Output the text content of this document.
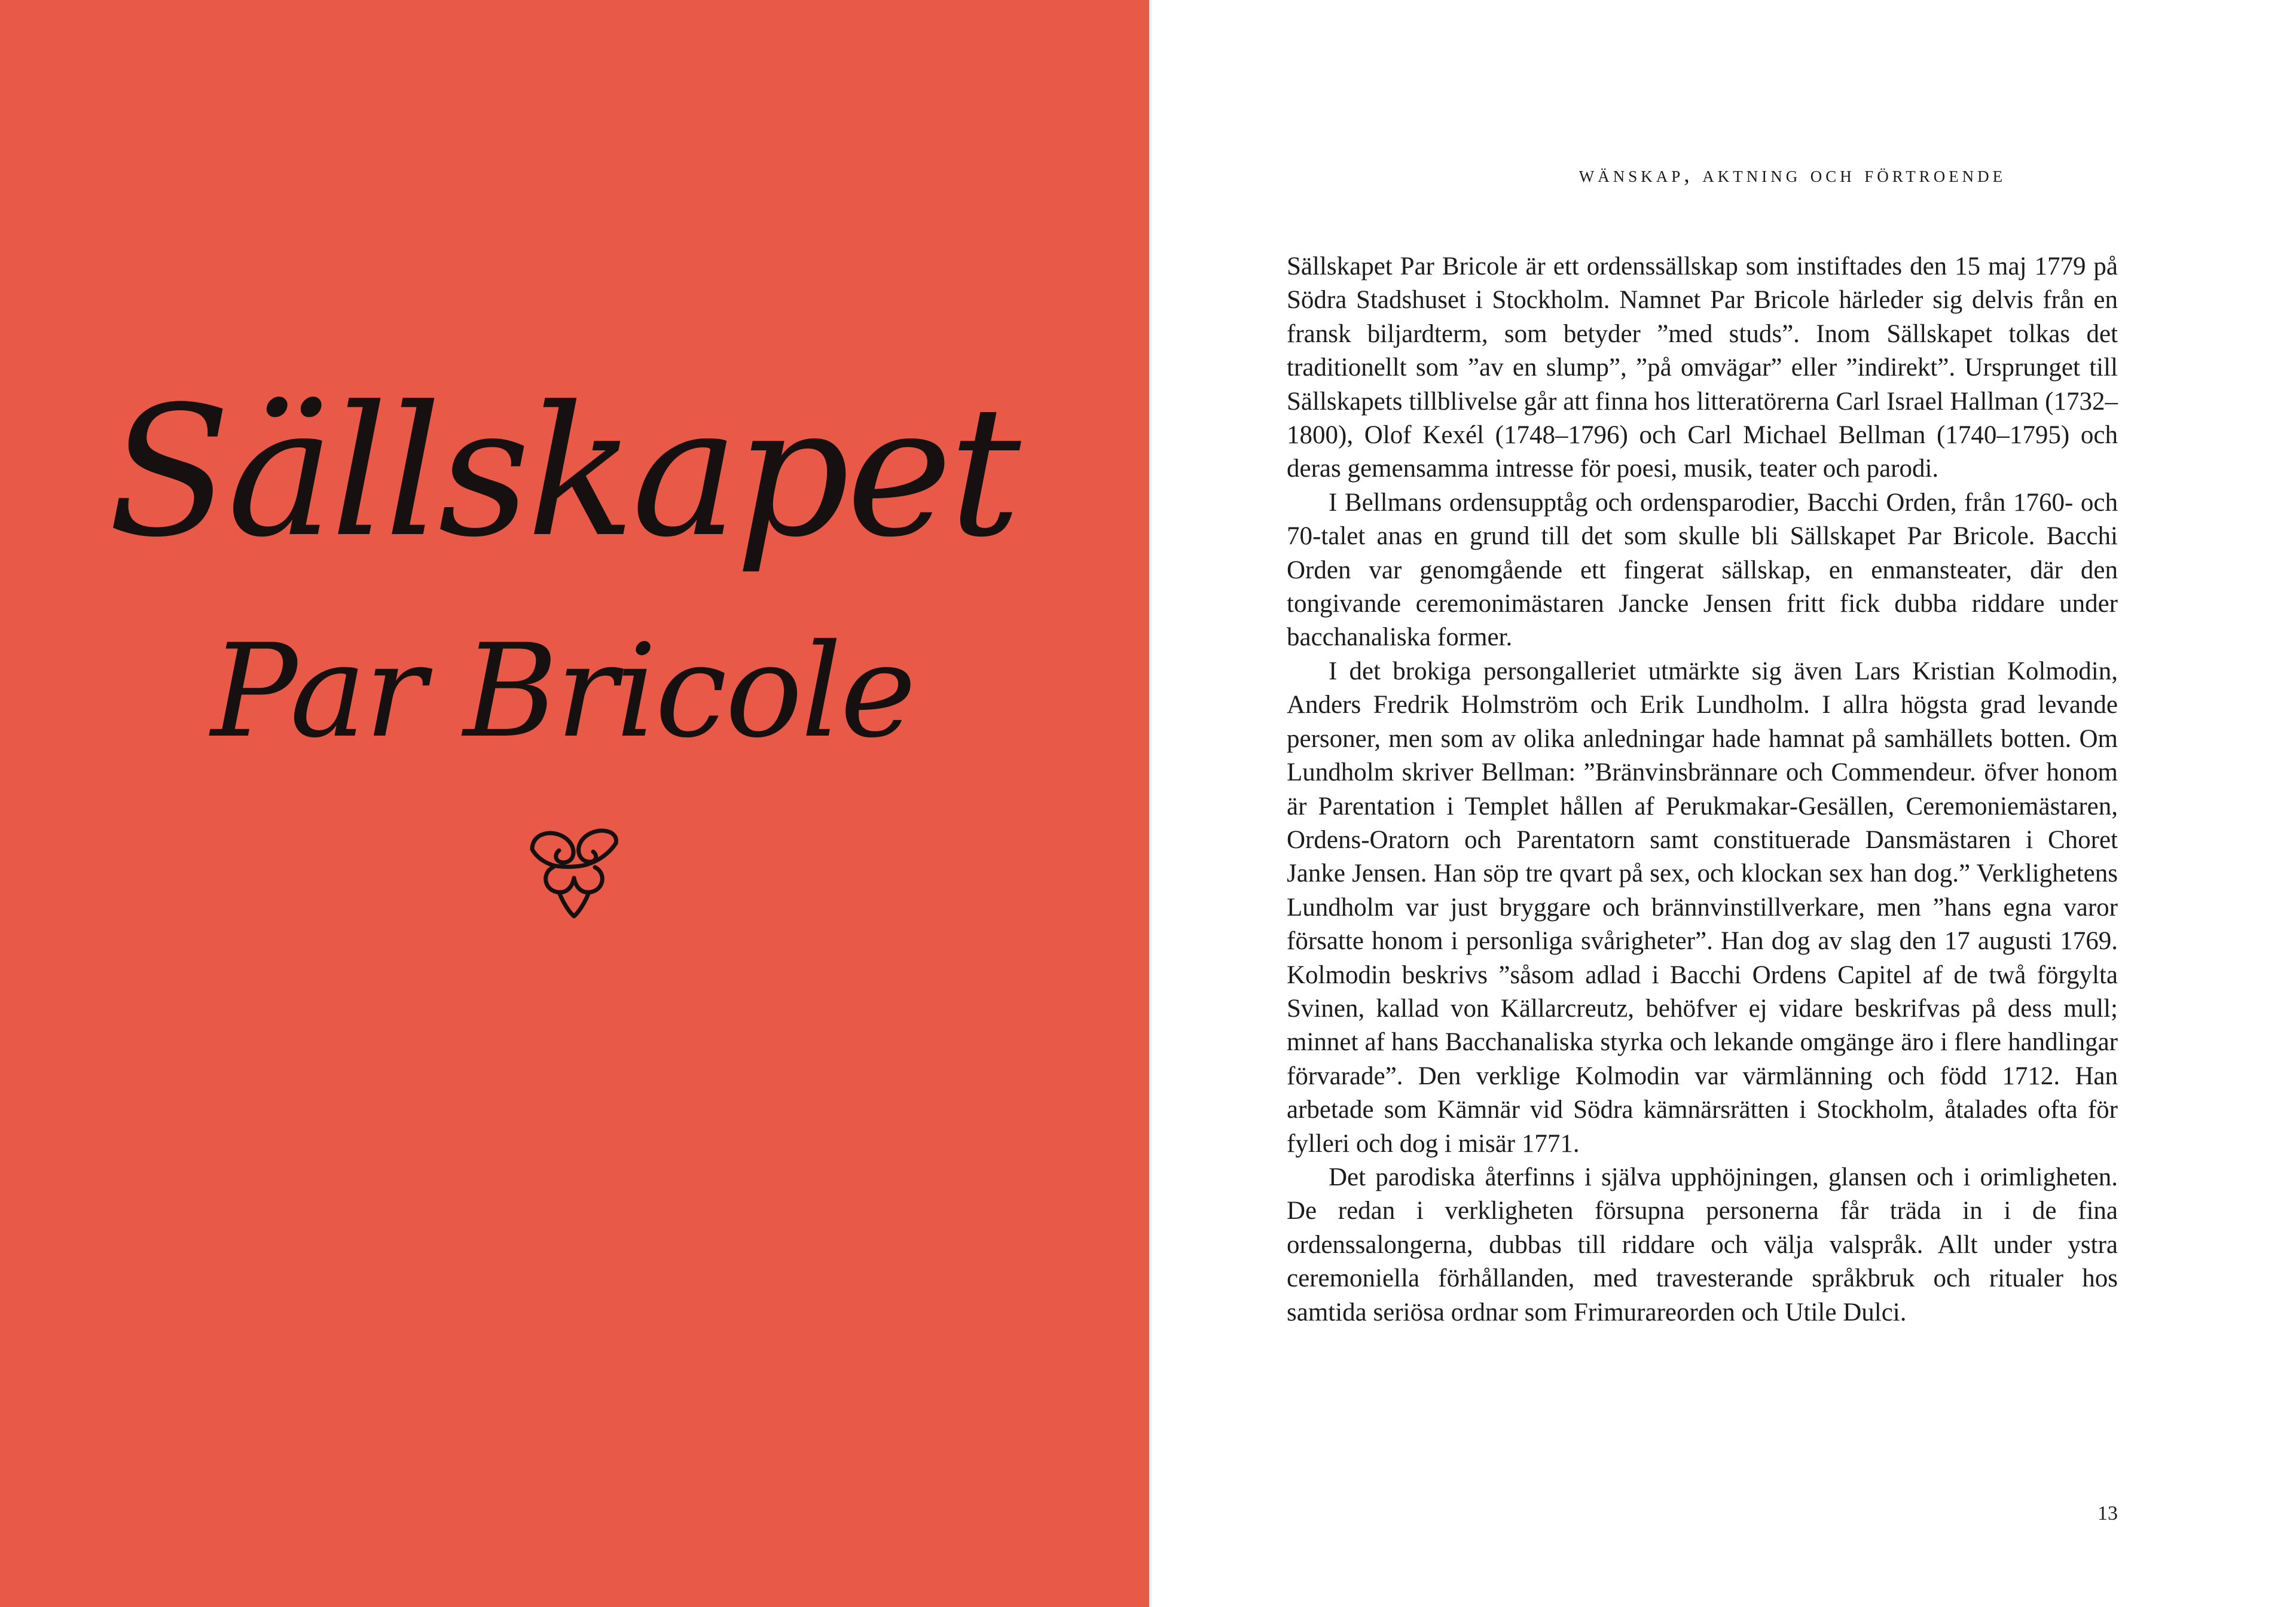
Sällskapet
Par Bricole
wänskap, aktning och förtroende

Sällskapet Par Bricole är ett ordenssällskap som instiftades den 15 maj 1779 på Södra Stadshuset i Stockholm. Namnet Par Bricole härleder sig delvis från en fransk biljardterm, som betyder ”med studs”. Inom Sällskapet tolkas det traditionellt som ”av en slump”, ”på omvägar” eller ”indirekt”. Ursprunget till Sällskapets tillblivelse går att finna hos litteratörerna Carl Israel Hallman (1732–1800), Olof Kexél (1748–1796) och Carl Michael Bellman (1740–1795) och deras gemensamma intresse för poesi, musik, teater och parodi.

I Bellmans ordensupptåg och ordensparodier, Bacchi Orden, från 1760- och 70-talet anas en grund till det som skulle bli Sällskapet Par Bricole. Bacchi Orden var genomgående ett fingerat sällskap, en enmansteater, där den tongivande ceremonimästaren Jancke Jensen fritt fick dubba riddare under bacchanaliska former.

I det brokiga persongalleriet utmärkte sig även Lars Kristian Kolmodin, Anders Fredrik Holmström och Erik Lundholm. I allra högsta grad levande personer, men som av olika anledningar hade hamnat på samhällets botten. Om Lundholm skriver Bellman: ”Bränvinsbrännare och Commendeur. öfver honom är Parentation i Templet hållen af Perukmakar-Gesällen, Ceremoniemästaren, Ordens-Oratorn och Parentatorn samt constituerade Dansmästaren i Choret Janke Jensen. Han söp tre qvart på sex, och klockan sex han dog.” Verklighetens Lundholm var just bryggare och brännvinstillverkare, men ”hans egna varor försatte honom i personliga svårigheter”. Han dog av slag den 17 augusti 1769. Kolmodin beskrivs ”såsom adlad i Bacchi Ordens Capitel af de twå förgylta Svinen, kallad von Källarcreutz, behöfver ej vidare beskrifvas på dess mull; minnet af hans Bacchanaliska styrka och lekande omgänge äro i flere handlingar förvarade”. Den verklige Kolmodin var värmlänning och född 1712. Han arbetade som Kämnär vid Södra kämnärsrätten i Stockholm, åtalades ofta för fylleri och dog i misär 1771.

Det parodiska återfinns i själva upphöjningen, glansen och i orimligheten. De redan i verkligheten försupna personerna får träda in i de fina ordenssalongerna, dubbas till riddare och välja valspråk. Allt under ystra ceremoniella förhållanden, med travesterande språkbruk och ritualer hos samtida seriösa ordnar som Frimurareorden och Utile Dulci.

13
